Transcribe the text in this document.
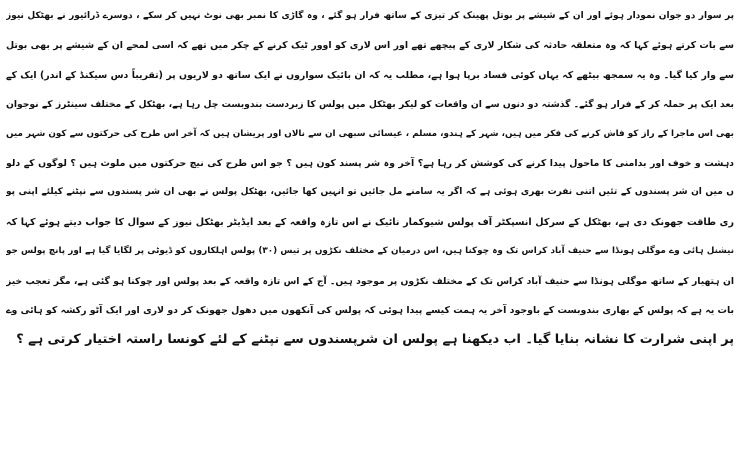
پر سوار دو جوان نمودار ہوئے اور ان کے شیشے پر بوتل پھینک کر تیزی کے ساتھ فرار ہو گئے ، وہ گاڑی کا نمبر بھی نوٹ نہیں کر سکے ، دوسرے ڈرائیور نے بھٹکل نیوز
سے بات کرتے ہوئے کہا کہ وہ متعلقہ حادثہ کی شکار لاری کے پیچھے تھے اور اس لاری کو اوور ٹیک کرنے کے چکر میں تھے کہ اسی لمحے ان کے شیشے پر بھی بوتل
سے وار کیا گیا۔ وہ یہ سمجھ بیٹھے کہ یہاں کوئی فساد برپا ہوا ہے، مطلب یہ کہ ان بائیک سواروں نے ایک ساتھ دو لاریوں پر (تقریباً دس سیکنڈ کے اندر) ایک کے
بعد ایک پر حملہ کر کے فرار ہو گئے۔ گذشتہ دو دنوں سے ان واقعات کو لیکر بھٹکل میں پولس کا زبردست بندوبست چل رہا ہے، بھٹکل کے مختلف سینٹرز کے نوجوان
بھی اس ماجرا کے راز کو فاش کرنے کی فکر میں ہیں، شہر کے ہندو، مسلم ، عیسائی سبھی ان سے نالاں اور پریشان ہیں کہ آخر اس طرح کی حرکتوں سے کون شہر میں
دہشت و خوف اور بدامنی کا ماحول پیدا کرنے کی کوشش کر رہا ہے؟ آخر وہ شر پسند کون ہیں ؟ جو اس طرح کی نیچ حرکتوں میں ملوث ہیں ؟ لوگوں کے دلو
ں میں ان شر پسندوں کے تئیں اتنی نفرت بھری ہوئی ہے کہ اگر یہ سامنے مل جائیں تو انہیں کھا جائیں، بھٹکل پولس نے بھی ان شر پسندوں سے نپٹنے کیلئے اپنی پو
ری طاقت جھونک دی ہے، بھٹکل کے سرکل انسپکٹر آف پولس شیوکمار نائیک نے اس تازہ واقعہ کے بعد ایڈیٹر بھٹکل نیوز کے سوال کا جواب دیتے ہوئے کہا کہ
نیشنل ہائی وے موگلی ہونڈا سے حنیف آباد کراس تک وہ چوکنا ہیں، اس درمیان کے مختلف نکڑوں پر تیس (۳۰) پولس اہلکاروں کو ڈیوٹی پر لگایا گیا ہے اور پانچ پولس جو
ان ہتھیار کے ساتھ موگلی ہونڈا سے حنیف آباد کراس تک کے مختلف نکڑوں پر موجود ہیں۔ آج کے اس تازہ واقعہ کے بعد پولس اور چوکنا ہو گئی ہے، مگر تعجب خیز
بات یہ ہے کہ پولس کے بھاری بندوبست کے باوجود آخر یہ ہمت کیسے پیدا ہوئی کہ پولس کی آنکھوں میں دھول جھونک کر دو لاری اور ایک آٹو رکشہ کو ہائی وے
پر اپنی شرارت کا نشانہ بنایا گیا۔ اب دیکھنا ہے پولس ان شرپسندوں سے نپٹنے کے لئے کونسا راستہ اختیار کرتی ہے ؟
